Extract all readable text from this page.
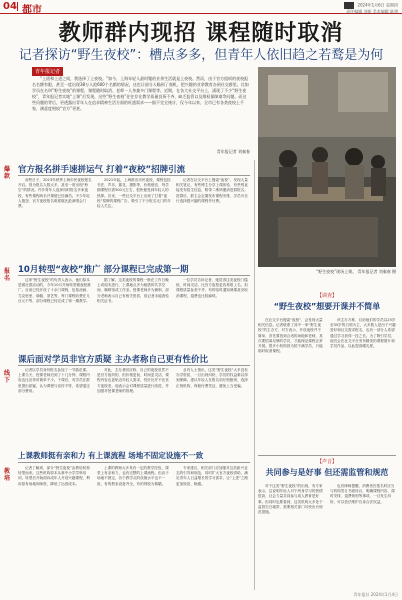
04 都市	2024年1月6日 星期四
责任编辑 刘振 美术编辑 陈建
教师群内现招 课程随时取消
记者探访“野生夜校”：槽点多多，但青年人依旧趋之若鹜是为何
青年报记者
“上班和上进之间，我选择了上夜校。”如今，上海年轻人最时髦的业余生活就是上夜校。然而，由于官方组织的夜校报名名额有限，甚至一度出现38万人抢600个名额的情况，这也让部分人瞄到了商机，把兴趣的业余教育办到社交群里。比如学员在名叫“野生夜校”的课程，课程随时取消、老师一人身兼多门课程等。近期，在各大社交平台上，涌现了不少“野生夜校”，青年报记者实地“上课”后发现，这些“野生夜校”往往存在教学质量良莠不齐、缺乏监管以及维权保障难等问题。而这些问题的背后，更透露出青年人在追求精神生活方面的旺盛需求——据不完全统计，仅今年以来，全市已有各类夜校上千家，满意度相较“官方”更甚。
青年报记者 刘秦春
“野生夜校”现场上课。 青年报记者 刘秦春 摄
爆款
官方报名拼手速拼运气 打着“夜校”招牌引流
前些日子，2023年秋季上海市民夜校报名开启。因为报名人数太多，甚至一度出现“秒空”的情况。许多青年人选择同时报名多家夜校，有些课程尚未开课便已经满员。不少年轻人抱怨，官方夜校报名难度堪比抢演唱会门票。
2021年起，上海推出市民夜校，课程包括书法、声乐、插花、摄影等，价格便宜，每学期课程仅需500元左右，很快便受到年轻人的热捧。后来，一些社交平台上出现了打着“夜校”招牌的课程广告，吸引了不少报名无门的年轻人关注。
记者在社交平台上搜索“夜校”，发现大量相关笔记，有些博主分享上课体验，有些则直接发布招生信息，附带二维码邀请进群报名。进群后，群主会定期发布课程安排，学员可自行选择感兴趣的课程并付费。
报名
10月转型“夜校”推广 部分课程已完成第一期
这家“野生夜校”的负责人表示，他们原本是做社群活动的，今年10月开始转型做夜校推广。目前已经开设了十余门课程，包括油画、尤克里里、瑜伽、茶艺等，每门课程收费在几百元不等，部分课程已经完成了第一期教学。
据了解，这类夜校的课程一般在工作日晚上或周末进行，上课地点多为租借的共享空间、咖啡馆或工作室。授课老师多为兼职，部分老师表示自己有相关资质，但记者未能查验相关证书。
一位学员告诉记者，她觉得这类夜校门槛低、时间灵活，比官方夜校更容易报上名，但课程质量参差不齐，有时临时通知调课甚至取消课程，退费也比较麻烦。
线下
课后面对学员非官方质疑 主办者称自己更有性价比
记者以学员身份报名参加了一节插花课。上课当天，授课老师迟到了十几分钟，课程内容也比宣传时简单不少。下课后，有学员在群里提出质疑，认为课程与宣传不符，希望退还部分费用。
对此，主办者回应称，自己的夜校虽然不是官方组织的，但价格更低、时间更灵活，课程内容也更贴近年轻人需求，性价比并不比官方夜校差。他表示会对课程质量进行改进，并加强对授课老师的管理。
业内人士指出，这类“野生夜校”大多没有办学资质，一旦出现纠纷，学员的权益难以得到保障。建议年轻人在报名前仔细甄别，选择正规机构，保留付费凭证，避免上当受骗。
教培
上课教师挺有亲和力 有上课流程 场地不固定设施不一致
记者了解到，部分“野生夜校”由教培机构转型而来。这些机构原本从事中小学学科培训，转型后开始面向成年人开设兴趣课程，利用原有场地和师资，降低了运营成本。
上课的教师大多具有一定的教学经验，课堂上有亲和力，也有完整的上课流程。但由于场地不固定，各个教学点的设施水平也不一致，有的教室设备齐全，有的则较为简陋。
专家建议，相关部门应加强对这类新兴业态的引导和规范，同时扩大官方夜校供给，满足青年人日益增长的学习需求，让“上进”之路更加规范、畅通。
【调查】
“野生夜校”想要开课并不简单
在社交平台搜索“夜校”，会发现大量相关信息。记者联系了其中一家“野生夜校”的主办方，对方表示，开设夜校并不简单，首先要找到合适的场地和老师，其次要招募足够的学员，才能保证课程正常开展。很多小机构因为招不满学员，只能临时取消课程。
该主办方称，目前他们的学员以25岁至35岁的白领为主，大多数人是出于兴趣爱好和社交需求报名，也有一部分人希望通过学习获得一技之长。为了吸引学员，他们会在社交平台发布精美的课程图片和学员作品，以此提高曝光度。
【声音】
共同参与是好事 但还需监管和规范
对于这类“野生夜校”的出现，有专家表示，这说明年轻人对于终身学习的热情很高，社会力量共同参与成人教育是好事。但同时也要看到，这类机构大多处于监管空白地带，需要相关部门尽快出台规范措施。
也有律师提醒，消费者在报名时应当与机构签订书面协议，明确课程内容、课时安排、退费规则等事项，一旦发生纠纷，可以依法维护自身合法权益。
青年报社 2024年1月4日
